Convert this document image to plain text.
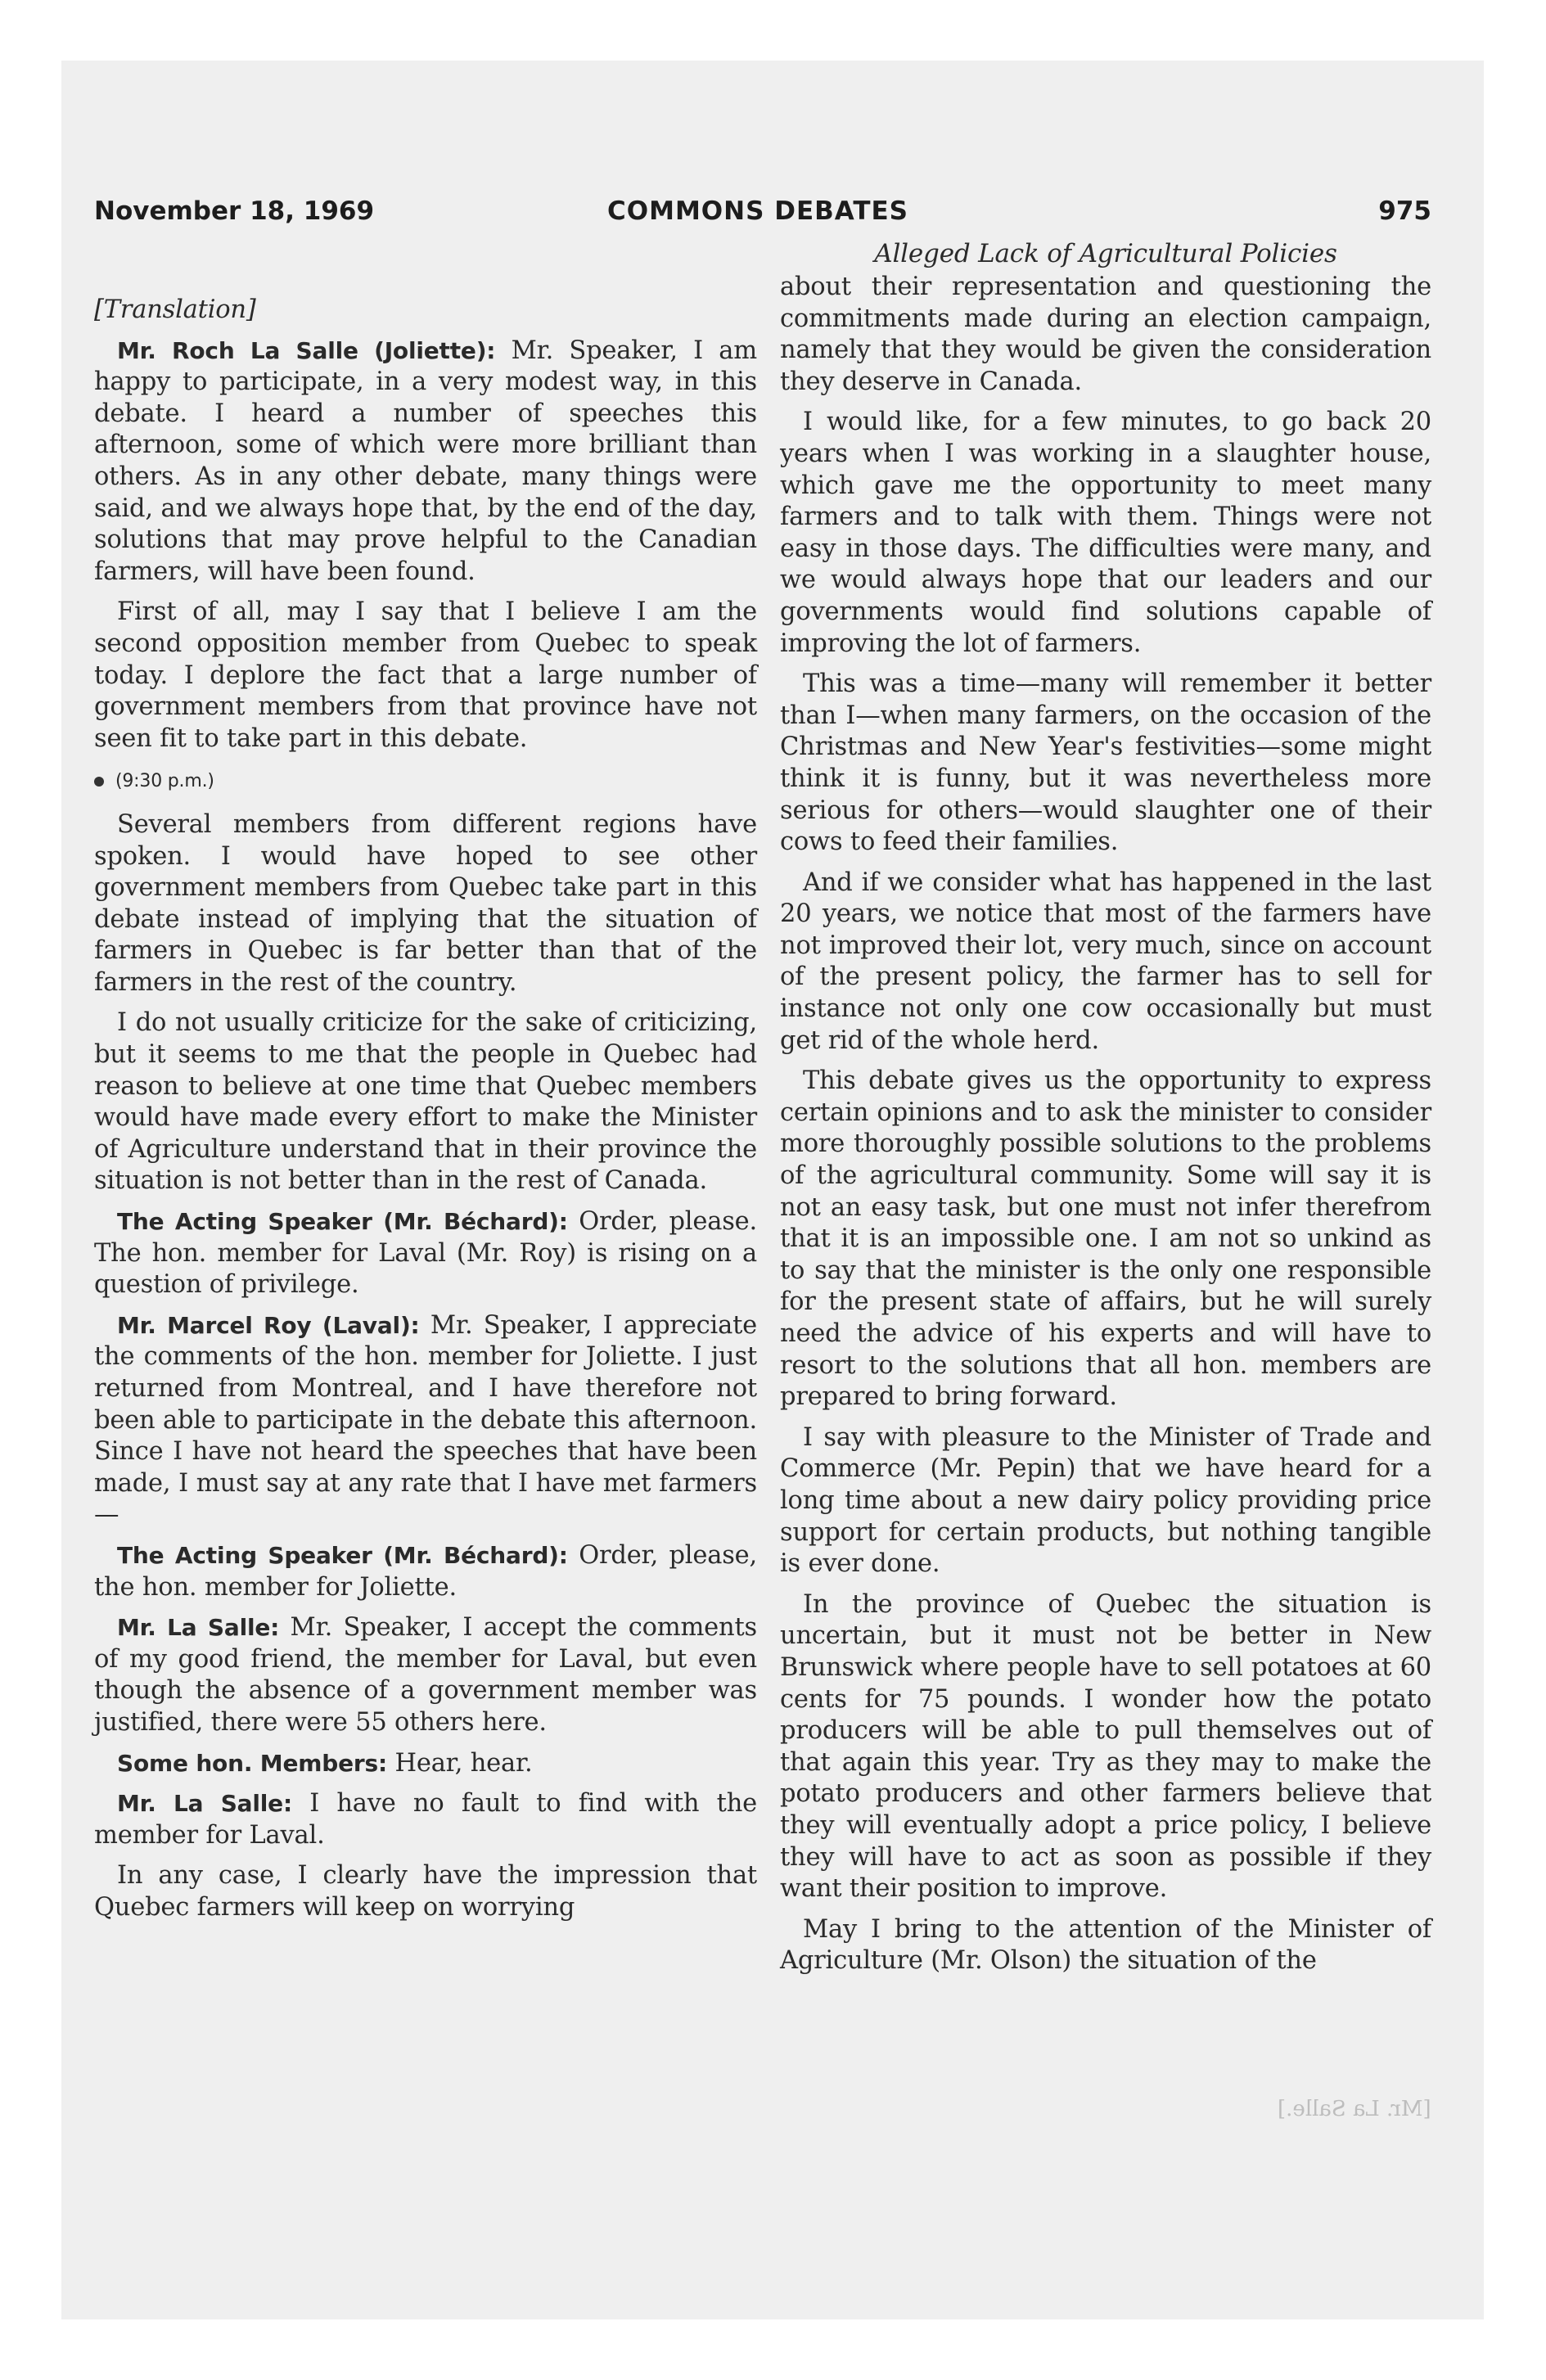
November 18, 1969	COMMONS DEBATES	975

[Translation]

Mr. Roch La Salle (Joliette): Mr. Speaker, I am happy to participate, in a very modest way, in this debate. I heard a number of speeches this afternoon, some of which were more brilliant than others. As in any other debate, many things were said, and we always hope that, by the end of the day, solutions that may prove helpful to the Canadian farmers, will have been found.

First of all, may I say that I believe I am the second opposition member from Quebec to speak today. I deplore the fact that a large number of government members from that province have not seen fit to take part in this debate.

(9:30 p.m.)

Several members from different regions have spoken. I would have hoped to see other government members from Quebec take part in this debate instead of implying that the situation of farmers in Quebec is far better than that of the farmers in the rest of the country.

I do not usually criticize for the sake of criticizing, but it seems to me that the people in Quebec had reason to believe at one time that Quebec members would have made every effort to make the Minister of Agriculture understand that in their province the situation is not better than in the rest of Canada.

The Acting Speaker (Mr. Béchard): Order, please. The hon. member for Laval (Mr. Roy) is rising on a question of privilege.

Mr. Marcel Roy (Laval): Mr. Speaker, I appreciate the comments of the hon. member for Joliette. I just returned from Montreal, and I have therefore not been able to participate in the debate this afternoon. Since I have not heard the speeches that have been made, I must say at any rate that I have met farmers—

The Acting Speaker (Mr. Béchard): Order, please, the hon. member for Joliette.

Mr. La Salle: Mr. Speaker, I accept the comments of my good friend, the member for Laval, but even though the absence of a government member was justified, there were 55 others here.

Some hon. Members: Hear, hear.

Mr. La Salle: I have no fault to find with the member for Laval.

In any case, I clearly have the impression that Quebec farmers will keep on worrying

Alleged Lack of Agricultural Policies

about their representation and questioning the commitments made during an election campaign, namely that they would be given the consideration they deserve in Canada.

I would like, for a few minutes, to go back 20 years when I was working in a slaughter house, which gave me the opportunity to meet many farmers and to talk with them. Things were not easy in those days. The difficulties were many, and we would always hope that our leaders and our governments would find solutions capable of improving the lot of farmers.

This was a time—many will remember it better than I—when many farmers, on the occasion of the Christmas and New Year's festivities—some might think it is funny, but it was nevertheless more serious for others—would slaughter one of their cows to feed their families.

And if we consider what has happened in the last 20 years, we notice that most of the farmers have not improved their lot, very much, since on account of the present policy, the farmer has to sell for instance not only one cow occasionally but must get rid of the whole herd.

This debate gives us the opportunity to express certain opinions and to ask the minister to consider more thoroughly possible solutions to the problems of the agricultural community. Some will say it is not an easy task, but one must not infer therefrom that it is an impossible one. I am not so unkind as to say that the minister is the only one responsible for the present state of affairs, but he will surely need the advice of his experts and will have to resort to the solutions that all hon. members are prepared to bring forward.

I say with pleasure to the Minister of Trade and Commerce (Mr. Pepin) that we have heard for a long time about a new dairy policy providing price support for certain products, but nothing tangible is ever done.

In the province of Quebec the situation is uncertain, but it must not be better in New Brunswick where people have to sell potatoes at 60 cents for 75 pounds. I wonder how the potato producers will be able to pull themselves out of that again this year. Try as they may to make the potato producers and other farmers believe that they will eventually adopt a price policy, I believe they will have to act as soon as possible if they want their position to improve.

May I bring to the attention of the Minister of Agriculture (Mr. Olson) the situation of the

[Mr. La Salle.]
